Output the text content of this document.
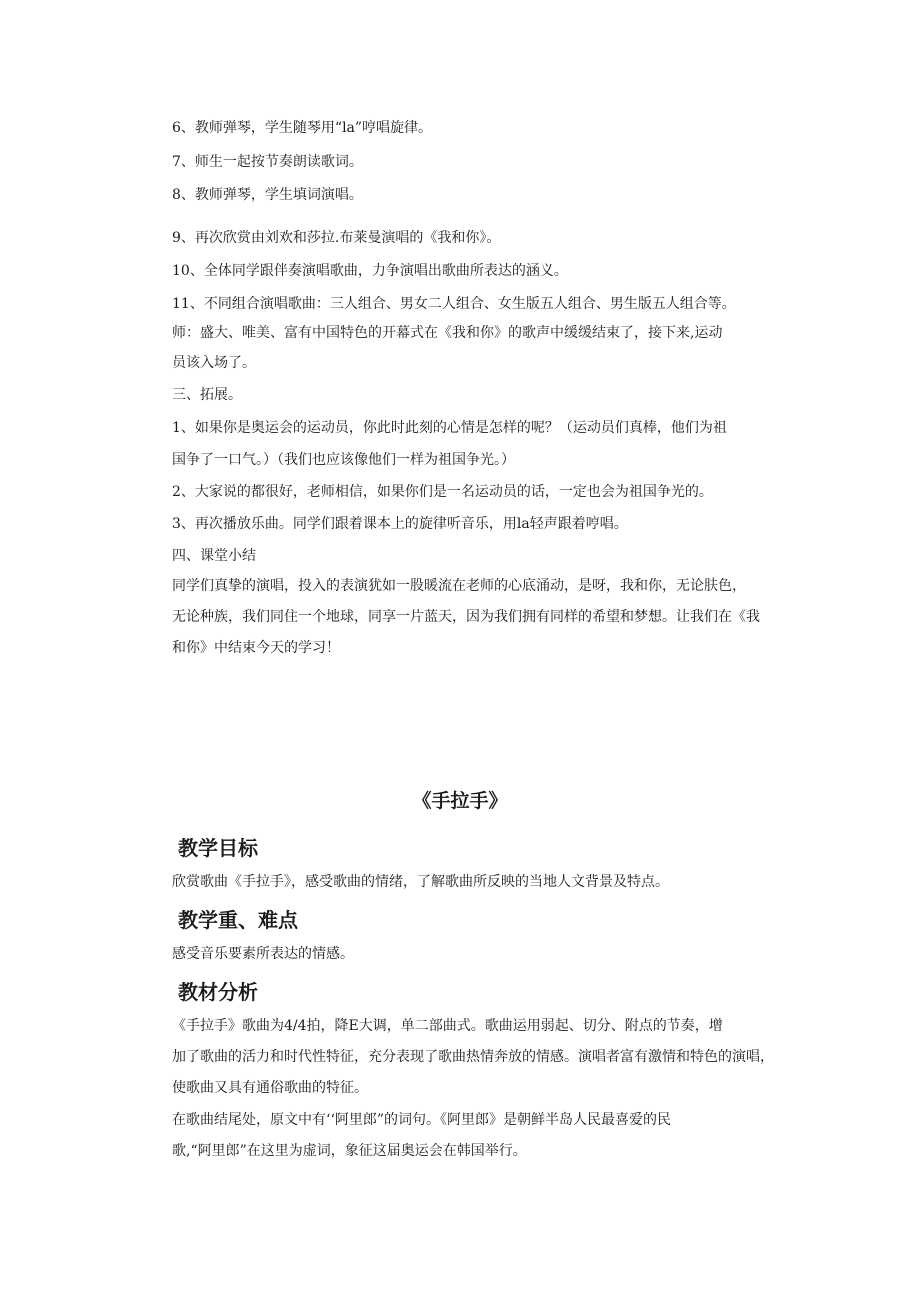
6、教师弹琴，学生随琴用“la”哼唱旋律。

7、师生一起按节奏朗读歌词。

8、教师弹琴，学生填词演唱。

9、再次欣赏由刘欢和莎拉.布莱曼演唱的《我和你》。

10、全体同学跟伴奏演唱歌曲，力争演唱出歌曲所表达的涵义。

11、不同组合演唱歌曲：三人组合、男女二人组合、女生版五人组合、男生版五人组合等。

师：盛大、唯美、富有中国特色的开幕式在《我和你》的歌声中缓缓结束了，接下来,运动

员该入场了。

三、拓展。

1、如果你是奥运会的运动员，你此时此刻的心情是怎样的呢？（运动员们真棒，他们为祖

国争了一口气。）（我们也应该像他们一样为祖国争光。）

2、大家说的都很好，老师相信，如果你们是一名运动员的话，一定也会为祖国争光的。

3、再次播放乐曲。同学们跟着课本上的旋律听音乐，用la轻声跟着哼唱。

四、课堂小结

同学们真挚的演唱，投入的表演犹如一股暖流在老师的心底涌动，是呀，我和你，无论肤色，

无论种族，我们同住一个地球，同享一片蓝天，因为我们拥有同样的希望和梦想。让我们在《我

和你》中结束今天的学习！

《手拉手》
教学目标

欣赏歌曲《手拉手》，感受歌曲的情绪，了解歌曲所反映的当地人文背景及特点。

教学重、难点

感受音乐要素所表达的情感。

教材分析

《手拉手》歌曲为4/4拍，降E大调，单二部曲式。歌曲运用弱起、切分、附点的节奏，增

加了歌曲的活力和时代性特征，充分表现了歌曲热情奔放的情感。演唱者富有激情和特色的演唱，

使歌曲又具有通俗歌曲的特征。

在歌曲结尾处，原文中有‘‘阿里郎”的词句。《阿里郎》是朝鲜半岛人民最喜爱的民

歌,“阿里郎”在这里为虚词，象征这届奥运会在韩国举行。
